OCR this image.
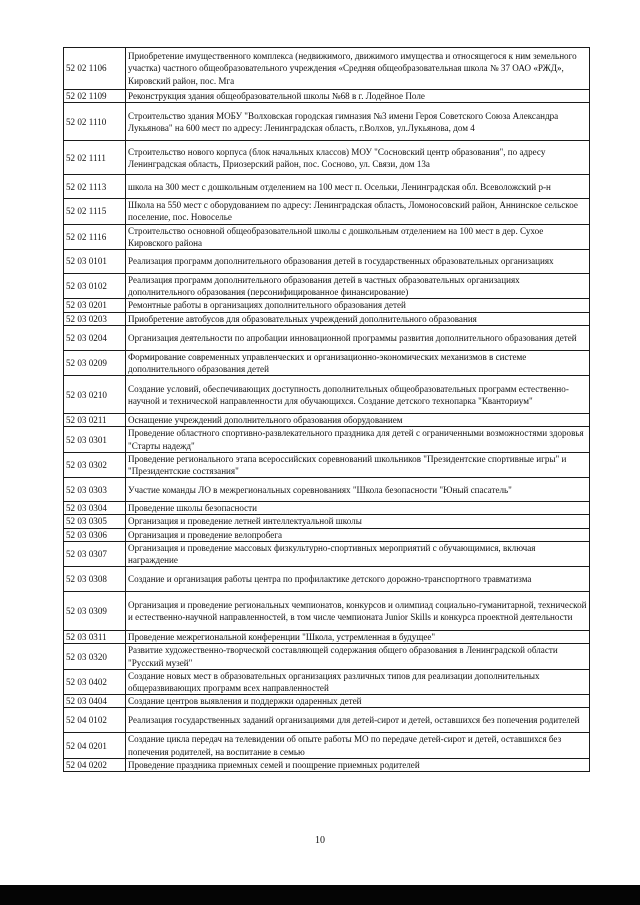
52 02 1106	Приобретение имущественного комплекса (недвижимого, движимого имущества и относящегося к ним земельного участка) частного общеобразовательного учреждения «Средняя общеобразовательная школа № 37 ОАО «РЖД», Кировский район, пос. Мга
52 02 1109	Реконструкция здания общеобразовательной школы №68 в г. Лодейное Поле
52 02 1110	Строительство здания МОБУ "Волховская городская гимназия №3 имени Героя Советского Союза Александра Лукьянова" на 600 мест по адресу: Ленинградская область, г.Волхов, ул.Лукьянова, дом 4
52 02 1111	Строительство нового корпуса (блок начальных классов) МОУ "Сосновский центр образования", по адресу Ленинградская область, Приозерский район, пос. Сосново, ул. Связи, дом 13а
52 02 1113	школа на 300 мест с дошкольным отделением на 100 мест п. Осельки, Ленинградская обл. Всеволожский р-н
52 02 1115	Школа на 550 мест с оборудованием по адресу: Ленинградская область, Ломоносовский район, Аннинское сельское поселение, пос. Новоселье
52 02 1116	Строительство основной общеобразовательной школы с дошкольным отделением на 100 мест в дер. Сухое Кировского района
52 03 0101	Реализация программ дополнительного образования детей в государственных образовательных организациях
52 03 0102	Реализация программ дополнительного образования детей в частных образовательных организациях дополнительного образования (персонифицированное финансирование)
52 03 0201	Ремонтные работы в организациях дополнительного образования детей
52 03 0203	Приобретение автобусов для образовательных учреждений дополнительного образования
52 03 0204	Организация деятельности по апробации инновационной программы развития дополнительного образования детей
52 03 0209	Формирование современных управленческих и организационно-экономических механизмов в системе дополнительного образования детей
52 03 0210	Создание условий, обеспечивающих доступность дополнительных общеобразовательных программ естественно-научной и технической направленности для обучающихся. Создание детского технопарка "Кванториум"
52 03 0211	Оснащение учреждений дополнительного образования оборудованием
52 03 0301	Проведение областного спортивно-развлекательного праздника для детей с ограниченными возможностями здоровья "Старты надежд"
52 03 0302	Проведение регионального этапа всероссийских соревнований школьников "Президентские спортивные игры" и "Президентские состязания"
52 03 0303	Участие команды ЛО в межрегиональных соревнованиях "Школа безопасности "Юный спасатель"
52 03 0304	Проведение школы безопасности
52 03 0305	Организация и проведение летней интеллектуальной школы
52 03 0306	Организация и проведение велопробега
52 03 0307	Организация и проведение массовых физкультурно-спортивных мероприятий с обучающимися, включая награждение
52 03 0308	Создание и организация работы центра по профилактике детского дорожно-транспортного травматизма
52 03 0309	Организация и проведение региональных чемпионатов, конкурсов и олимпиад социально-гуманитарной, технической и естественно-научной направленностей, в том числе чемпионата Junior Skills и конкурса проектной деятельности
52 03 0311	Проведение межрегиональной конференции "Школа, устремленная в будущее"
52 03 0320	Развитие художественно-творческой составляющей содержания общего образования в Ленинградской области "Русский музей"
52 03 0402	Создание новых мест в образовательных организациях различных типов для реализации дополнительных общеразвивающих программ всех направленностей
52 03 0404	Создание центров выявления и поддержки одаренных детей
52 04 0102	Реализация государственных заданий организациями для детей-сирот и детей, оставшихся без попечения родителей
52 04 0201	Создание цикла передач на телевидении об опыте работы МО по передаче детей-сирот и детей, оставшихся без попечения родителей, на воспитание в семью
52 04 0202	Проведение праздника приемных семей и поощрение приемных родителей
10
